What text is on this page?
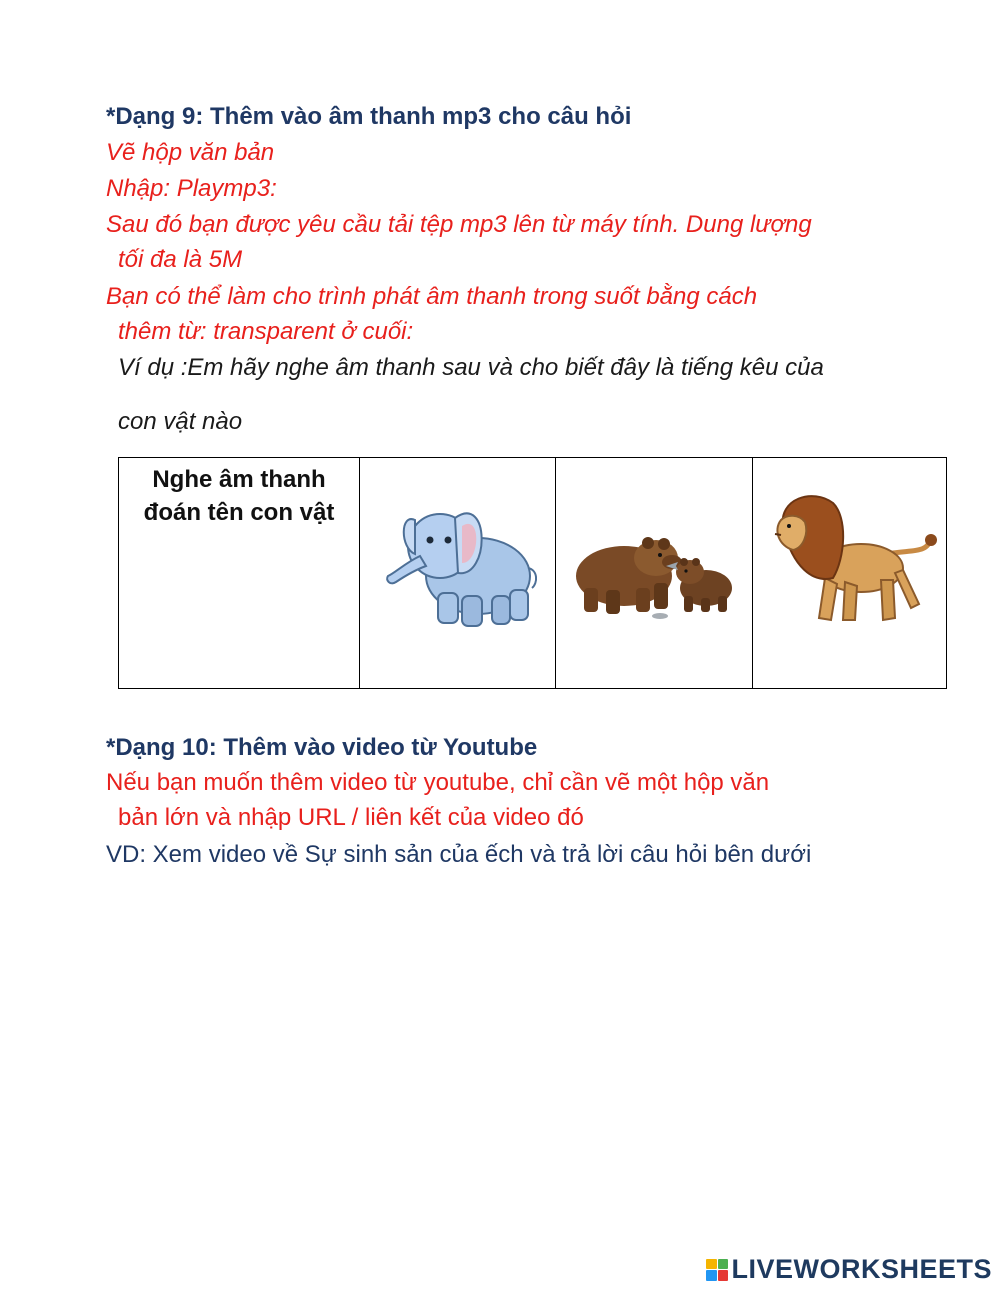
*Dạng 9: Thêm vào âm thanh mp3 cho câu hỏi
Vẽ hộp văn bản
Nhập: Playmp3:
Sau đó bạn được yêu cầu tải tệp mp3 lên từ máy tính. Dung lượng
tối đa là 5M
Bạn có thể làm cho trình phát âm thanh trong suốt bằng cách
thêm từ: transparent ở cuối:
Ví dụ :Em hãy nghe âm thanh sau và cho biết đây là tiếng kêu của
con vật nào
Nghe âm thanh
đoán tên con vật
*Dạng 10: Thêm vào video từ Youtube
Nếu bạn muốn thêm video từ youtube, chỉ cần vẽ một hộp văn
bản lớn và nhập URL / liên kết của video đó
VD: Xem video về Sự sinh sản của ếch và trả lời câu hỏi bên dưới
LIVEWORKSHEETS
